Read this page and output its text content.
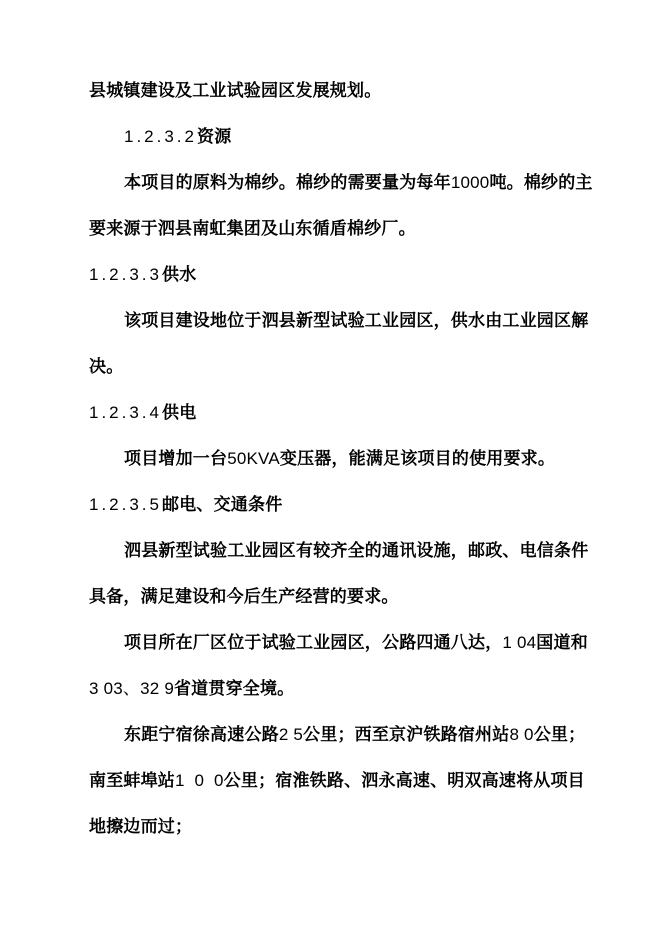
县城镇建设及工业试验园区发展规划。
1.2.3.2资源
本项目的原料为棉纱。棉纱的需要量为每年1000吨。棉纱的主
要来源于泗县南虹集团及山东循盾棉纱厂。
1.2.3.3供水
该项目建设地位于泗县新型试验工业园区，供水由工业园区解
决。
1.2.3.4供电
项目增加一台50KVA变压器，能满足该项目的使用要求。
1.2.3.5邮电、交通条件
泗县新型试验工业园区有较齐全的通讯设施，邮政、电信条件
具备，满足建设和今后生产经营的要求。
项目所在厂区位于试验工业园区，公路四通八达，1 04国道和
3 03、32 9省道贯穿全境。
东距宁宿徐高速公路2 5公里；西至京沪铁路宿州站8 0公里；
南至蚌埠站1  0  0公里；宿淮铁路、泗永高速、明双高速将从项目
地擦边而过；
